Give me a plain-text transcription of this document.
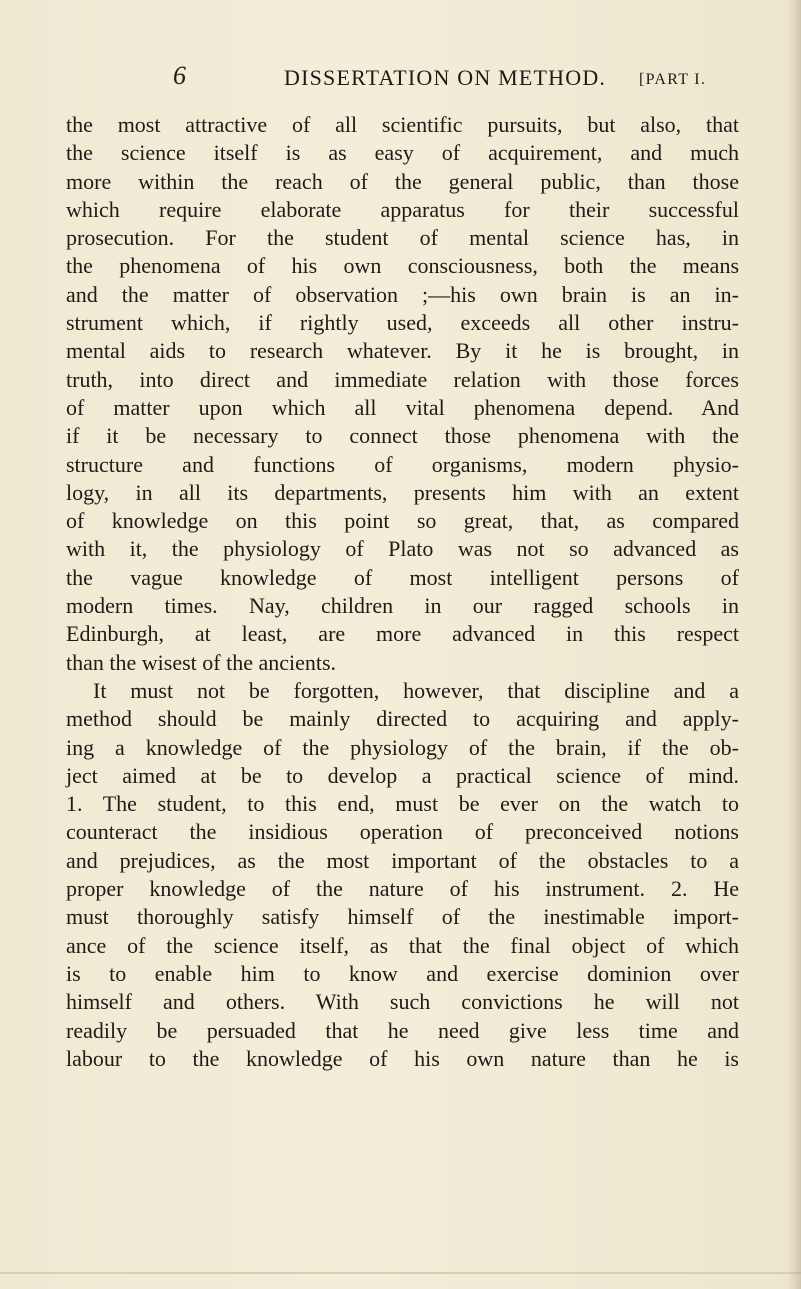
6	DISSERTATION ON METHOD. [PART I.
the most attractive of all scientific pursuits, but also, that
the science itself is as easy of acquirement, and much
more within the reach of the general public, than those
which require elaborate apparatus for their successful
prosecution. For the student of mental science has, in
the phenomena of his own consciousness, both the means
and the matter of observation ;—his own brain is an in-
strument which, if rightly used, exceeds all other instru-
mental aids to research whatever. By it he is brought, in
truth, into direct and immediate relation with those forces
of matter upon which all vital phenomena depend. And
if it be necessary to connect those phenomena with the
structure and functions of organisms, modern physio-
logy, in all its departments, presents him with an extent
of knowledge on this point so great, that, as compared
with it, the physiology of Plato was not so advanced as
the vague knowledge of most intelligent persons of
modern times. Nay, children in our ragged schools in
Edinburgh, at least, are more advanced in this respect
than the wisest of the ancients.
It must not be forgotten, however, that discipline and a
method should be mainly directed to acquiring and apply-
ing a knowledge of the physiology of the brain, if the ob-
ject aimed at be to develop a practical science of mind.
1. The student, to this end, must be ever on the watch to
counteract the insidious operation of preconceived notions
and prejudices, as the most important of the obstacles to a
proper knowledge of the nature of his instrument. 2. He
must thoroughly satisfy himself of the inestimable import-
ance of the science itself, as that the final object of which
is to enable him to know and exercise dominion over
himself and others. With such convictions he will not
readily be persuaded that he need give less time and
labour to the knowledge of his own nature than he is
